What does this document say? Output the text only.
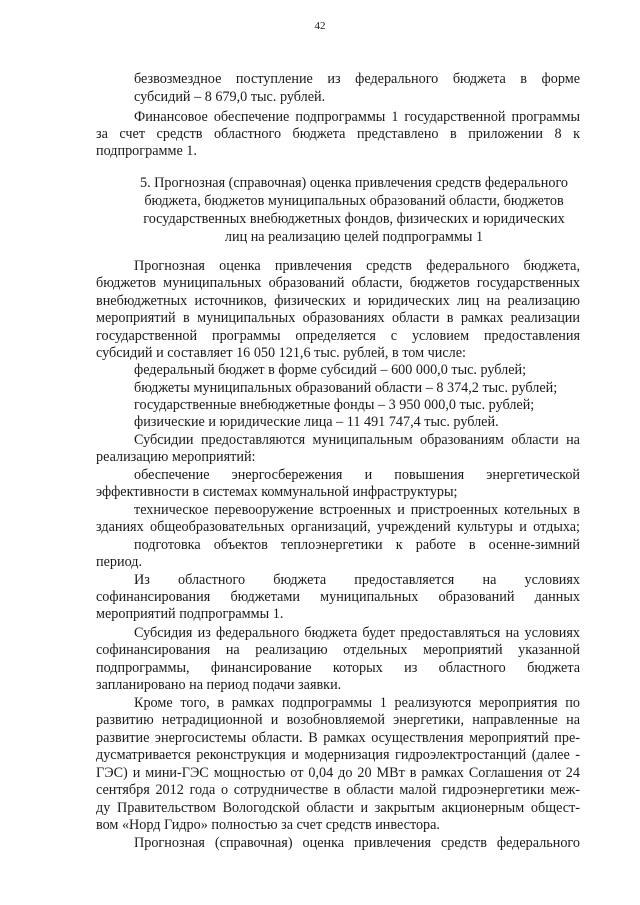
42
безвозмездное поступление из федерального бюджета в форме
субсидий – 8 679,0 тыс. рублей.
Финансовое обеспечение подпрограммы 1 государственной программы
за счет средств областного бюджета представлено в приложении 8 к
подпрограмме 1.
5. Прогнозная (справочная) оценка привлечения средств федерального
бюджета, бюджетов муниципальных образований области, бюджетов
государственных внебюджетных фондов, физических и юридических
лиц на реализацию целей подпрограммы 1
Прогнозная оценка привлечения средств федерального бюджета,
бюджетов муниципальных образований области, бюджетов государственных
внебюджетных источников, физических и юридических лиц на реализацию
мероприятий в муниципальных образованиях области в рамках реализации
государственной программы определяется с условием предоставления
субсидий и составляет 16 050 121,6 тыс. рублей, в том числе:
федеральный бюджет в форме субсидий – 600 000,0 тыс. рублей;
бюджеты муниципальных образований области – 8 374,2 тыс. рублей;
государственные внебюджетные фонды – 3 950 000,0 тыс. рублей;
физические и юридические лица – 11 491 747,4 тыс. рублей.
Субсидии предоставляются муниципальным образованиям области на
реализацию мероприятий:
обеспечение энергосбережения и повышения энергетической
эффективности в системах коммунальной инфраструктуры;
техническое перевооружение встроенных и пристроенных котельных в
зданиях общеобразовательных организаций, учреждений культуры и отдыха;
подготовка объектов теплоэнергетики к работе в осенне-зимний
период.
Из областного бюджета предоставляется на условиях
софинансирования бюджетами муниципальных образований данных
мероприятий подпрограммы 1.
Субсидия из федерального бюджета будет предоставляться на условиях
софинансирования на реализацию отдельных мероприятий указанной
подпрограммы, финансирование которых из областного бюджета
запланировано на период подачи заявки.
Кроме того, в рамках подпрограммы 1 реализуются мероприятия по
развитию нетрадиционной и возобновляемой энергетики, направленные на
развитие энергосистемы области. В рамках осуществления мероприятий пре-
дусматривается реконструкция и модернизация гидроэлектростанций (далее -
ГЭС) и мини-ГЭС мощностью от 0,04 до 20 МВт в рамках Соглашения от 24
сентября 2012 года о сотрудничестве в области малой гидроэнергетики меж-
ду Правительством Вологодской области и закрытым акционерным общест-
вом «Норд Гидро» полностью за счет средств инвестора.
Прогнозная (справочная) оценка привлечения средств федерального
